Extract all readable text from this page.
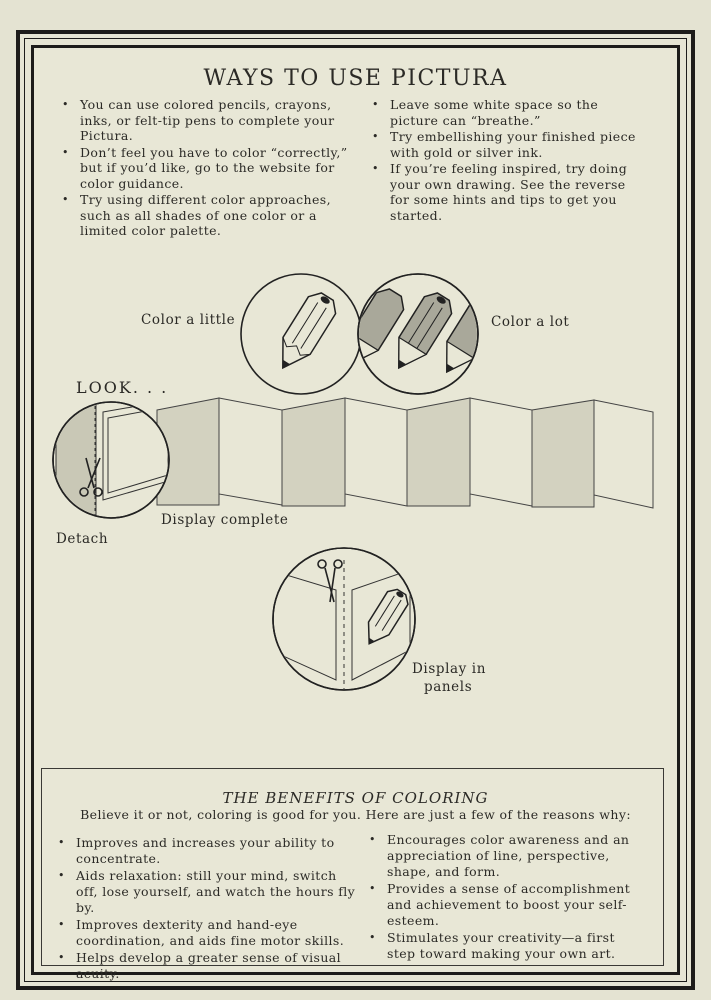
WAYS TO USE PICTURA
• You can use colored pencils, crayons, inks, or felt-tip pens to complete your Pictura.
• Don’t feel you have to color “correctly,” but if you’d like, go to the website for color guidance.
• Try using different color approaches, such as all shades of one color or a limited color palette.
• Leave some white space so the picture can “breathe.”
• Try embellishing your finished piece with gold or silver ink.
• If you’re feeling inspired, try doing your own drawing. See the reverse for some hints and tips to get you started.
Color a little	Color a lot
LOOK. . .
Display complete
Detach
Display in
panels
THE BENEFITS OF COLORING
Believe it or not, coloring is good for you. Here are just a few of the reasons why:
• Improves and increases your ability to concentrate.
• Aids relaxation: still your mind, switch off, lose yourself, and watch the hours fly by.
• Improves dexterity and hand-eye coordination, and aids fine motor skills.
• Helps develop a greater sense of visual acuity.
• Encourages color awareness and an appreciation of line, perspective, shape, and form.
• Provides a sense of accomplishment and achievement to boost your self-esteem.
• Stimulates your creativity—a first step toward making your own art.
